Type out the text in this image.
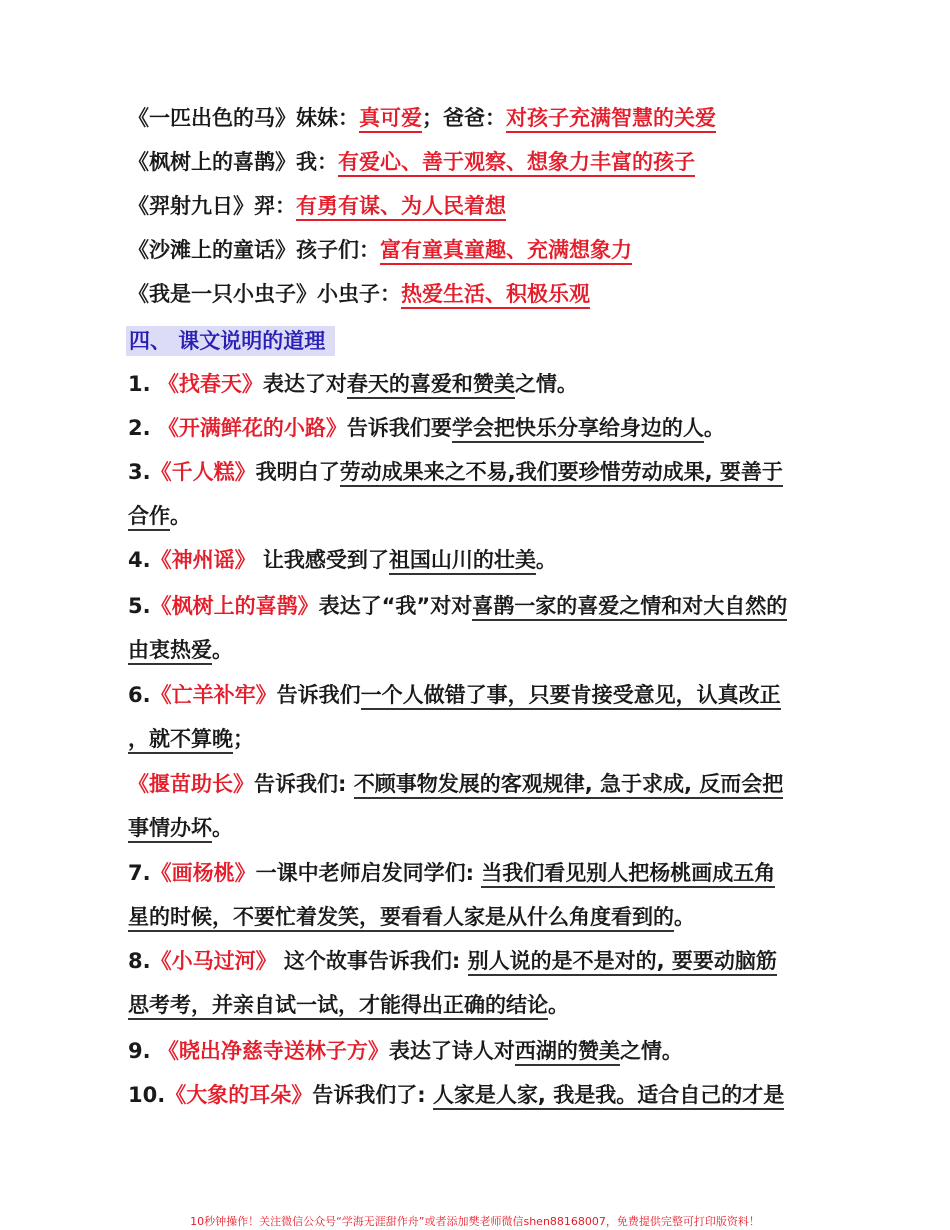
《一匹出色的马》妹妹：真可爱；爸爸：对孩子充满智慧的关爱
《枫树上的喜鹊》我：有爱心、善于观察、想象力丰富的孩子
《羿射九日》羿：有勇有谋、为人民着想
《沙滩上的童话》孩子们：富有童真童趣、充满想象力
《我是一只小虫子》小虫子：热爱生活、积极乐观
四、 课文说明的道理
1. 《找春天》表达了对春天的喜爱和赞美之情。
2. 《开满鲜花的小路》告诉我们要学会把快乐分享给身边的人。
3.《千人糕》我明白了劳动成果来之不易,我们要珍惜劳动成果, 要善于
合作。
4.《神州谣》 让我感受到了祖国山川的壮美。
5.《枫树上的喜鹊》表达了“我”对对喜鹊一家的喜爱之情和对大自然的
由衷热爱。
6.《亡羊补牢》告诉我们一个人做错了事，只要肯接受意见，认真改正
，就不算晚；
《揠苗助长》告诉我们: 不顾事物发展的客观规律, 急于求成, 反而会把
事情办坏。
7.《画杨桃》一课中老师启发同学们: 当我们看见别人把杨桃画成五角
星的时候，不要忙着发笑，要看看人家是从什么角度看到的。
8.《小马过河》 这个故事告诉我们: 别人说的是不是对的, 要要动脑筋
思考考，并亲自试一试，才能得出正确的结论。
9. 《晓出净慈寺送林子方》表达了诗人对西湖的赞美之情。
10.《大象的耳朵》告诉我们了: 人家是人家, 我是我。适合自己的才是
10秒钟操作！关注微信公众号“学海无涯甜作舟”或者添加樊老师微信shen88168007，免费提供完整可打印版资料！
